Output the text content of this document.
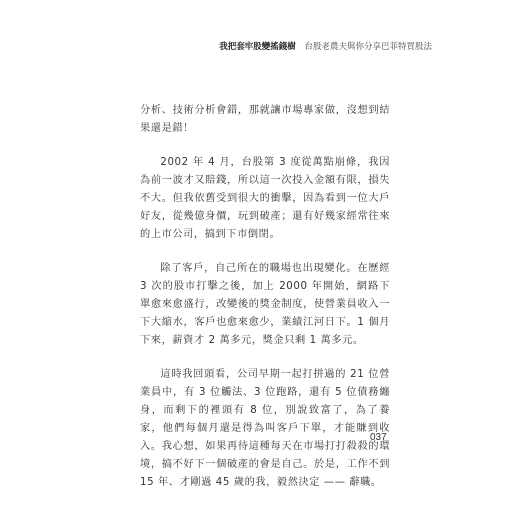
我把套牢股變搖錢樹 台股老農夫與你分享巴菲特買股法

分析、技術分析會錯，那就讓市場專家做，沒想到結果還是錯！

2002 年 4 月，台股第 3 度從萬點崩條，我因為前一波才又賠錢，所以這一次投入金額有限，損失不大。但我依舊受到很大的衝擊，因為看到一位大戶好友，從幾億身價，玩到破產；還有好幾家經常往來的上市公司，搞到下市倒閉。

除了客戶，自己所在的職場也出現變化。在歷經 3 次的股市打擊之後，加上 2000 年開始，網路下單愈來愈盛行，改變後的獎金制度，使營業員收入一下大縮水，客戶也愈來愈少，業績江河日下。1 個月下來，薪資才 2 萬多元，獎金只剩 1 萬多元。

這時我回頭看，公司早期一起打拼過的 21 位營業員中，有 3 位觸法、3 位跑路，還有 5 位債務纏身，而剩下的裡頭有 8 位，別說致富了，為了養家，他們每個月還是得為叫客戶下單，才能賺到收入。我心想，如果再待這種每天在市場打打殺殺的環境，搞不好下一個破產的會是自己。於是，工作不到 15 年、才剛過 45 歲的我，毅然決定 —— 辭職。

037
